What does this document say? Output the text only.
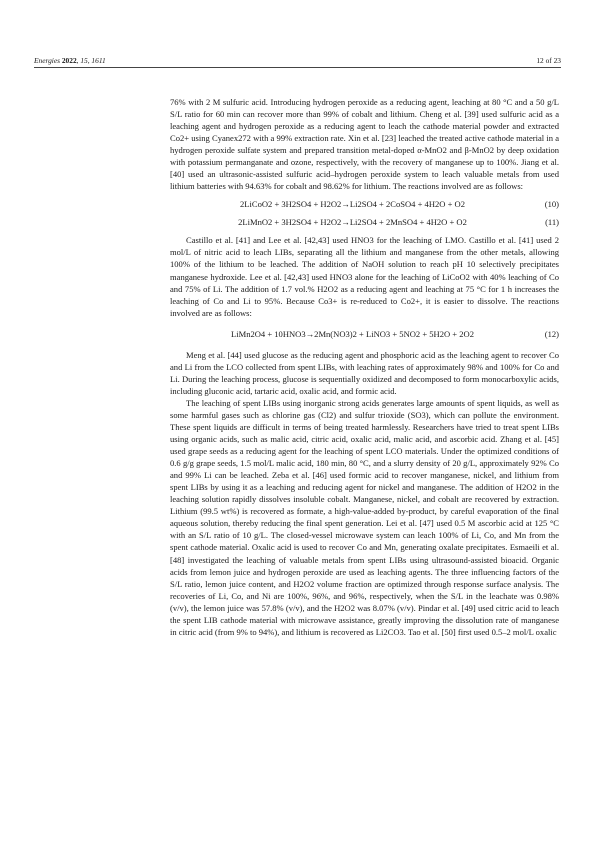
Energies 2022, 15, 1611	12 of 23

76% with 2 M sulfuric acid. Introducing hydrogen peroxide as a reducing agent, leaching at 80 °C and a 50 g/L S/L ratio for 60 min can recover more than 99% of cobalt and lithium. Cheng et al. [39] used sulfuric acid as a leaching agent and hydrogen peroxide as a reducing agent to leach the cathode material powder and extracted Co2+ using Cyanex272 with a 99% extraction rate. Xin et al. [23] leached the treated active cathode material in a hydrogen peroxide sulfate system and prepared transition metal-doped α-MnO2 and β-MnO2 by deep oxidation with potassium permanganate and ozone, respectively, with the recovery of manganese up to 100%. Jiang et al. [40] used an ultrasonic-assisted sulfuric acid–hydrogen peroxide system to leach valuable metals from used lithium batteries with 94.63% for cobalt and 98.62% for lithium. The reactions involved are as follows:

2LiCoO2 + 3H2SO4 + H2O2→Li2SO4 + 2CoSO4 + 4H2O + O2	(10)
2LiMnO2 + 3H2SO4 + H2O2→Li2SO4 + 2MnSO4 + 4H2O + O2	(11)

Castillo et al. [41] and Lee et al. [42,43] used HNO3 for the leaching of LMO. Castillo et al. [41] used 2 mol/L of nitric acid to leach LIBs, separating all the lithium and manganese from the other metals, allowing 100% of the lithium to be leached. The addition of NaOH solution to reach pH 10 selectively precipitates manganese hydroxide. Lee et al. [42,43] used HNO3 alone for the leaching of LiCoO2 with 40% leaching of Co and 75% of Li. The addition of 1.7 vol.% H2O2 as a reducing agent and leaching at 75 °C for 1 h increases the leaching of Co and Li to 95%. Because Co3+ is re-reduced to Co2+, it is easier to dissolve. The reactions involved are as follows:

LiMn2O4 + 10HNO3→2Mn(NO3)2 + LiNO3 + 5NO2 + 5H2O + 2O2	(12)

Meng et al. [44] used glucose as the reducing agent and phosphoric acid as the leaching agent to recover Co and Li from the LCO collected from spent LIBs, with leaching rates of approximately 98% and 100% for Co and Li. During the leaching process, glucose is sequentially oxidized and decomposed to form monocarboxylic acids, including gluconic acid, tartaric acid, oxalic acid, and formic acid.

The leaching of spent LIBs using inorganic strong acids generates large amounts of spent liquids, as well as some harmful gases such as chlorine gas (Cl2) and sulfur trioxide (SO3), which can pollute the environment. These spent liquids are difficult in terms of being treated harmlessly. Researchers have tried to treat spent LIBs using organic acids, such as malic acid, citric acid, oxalic acid, malic acid, and ascorbic acid. Zhang et al. [45] used grape seeds as a reducing agent for the leaching of spent LCO materials. Under the optimized conditions of 0.6 g/g grape seeds, 1.5 mol/L malic acid, 180 min, 80 °C, and a slurry density of 20 g/L, approximately 92% Co and 99% Li can be leached. Zeba et al. [46] used formic acid to recover manganese, nickel, and lithium from spent LIBs by using it as a leaching and reducing agent for nickel and manganese. The addition of H2O2 in the leaching solution rapidly dissolves insoluble cobalt. Manganese, nickel, and cobalt are recovered by extraction. Lithium (99.5 wt%) is recovered as formate, a high-value-added by-product, by careful evaporation of the final aqueous solution, thereby reducing the final spent generation. Lei et al. [47] used 0.5 M ascorbic acid at 125 °C with an S/L ratio of 10 g/L. The closed-vessel microwave system can leach 100% of Li, Co, and Mn from the spent cathode material. Oxalic acid is used to recover Co and Mn, generating oxalate precipitates. Esmaeili et al. [48] investigated the leaching of valuable metals from spent LIBs using ultrasound-assisted bioacid. Organic acids from lemon juice and hydrogen peroxide are used as leaching agents. The three influencing factors of the S/L ratio, lemon juice content, and H2O2 volume fraction are optimized through response surface analysis. The recoveries of Li, Co, and Ni are 100%, 96%, and 96%, respectively, when the S/L in the leachate was 0.98% (v/v), the lemon juice was 57.8% (v/v), and the H2O2 was 8.07% (v/v). Pindar et al. [49] used citric acid to leach the spent LIB cathode material with microwave assistance, greatly improving the dissolution rate of manganese in citric acid (from 9% to 94%), and lithium is recovered as Li2CO3. Tao et al. [50] first used 0.5–2 mol/L oxalic
